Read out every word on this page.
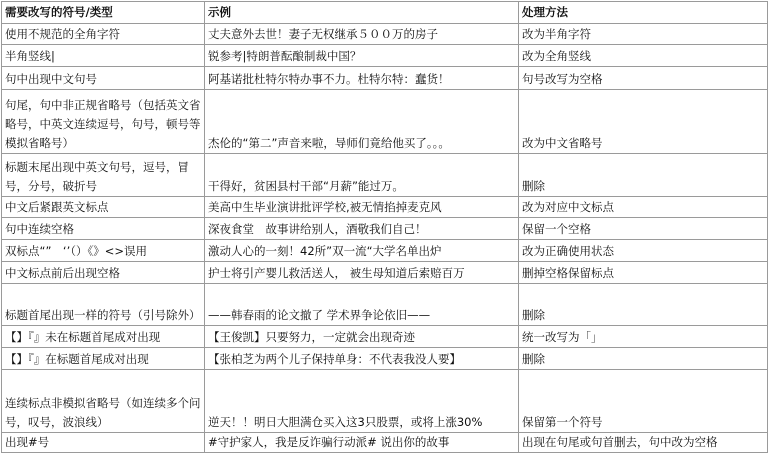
需要改写的符号/类型	示例	处理方法
使用不规范的全角字符	丈夫意外去世！妻子无权继承５００万的房子	改为半角字符
半角竖线|	锐参考|特朗普酝酿制裁中国？	改为全角竖线
句中出现中文句号	阿基诺批杜特尔特办事不力。杜特尔特：蠢货！	句号改写为空格
句尾，句中非正规省略号（包括英文省略号，中英文连续逗号，句号，顿号等模拟省略号）	杰伦的“第二”声音来啦，导师们竟给他买了。。。	改为中文省略号
标题末尾出现中英文句号，逗号，冒号，分号，破折号	干得好，贫困县村干部“月薪”能过万。	删除
中文后紧跟英文标点	美高中生毕业演讲批评学校,被无情掐掉麦克风	改为对应中文标点
句中连续空格	深夜食堂　故事讲给别人，酒敬我们自己！	保留一个空格
双标点“”　‘’（）《》<>误用	激动人心的一刻！42所”双一流“大学名单出炉	改为正确使用状态
中文标点前后出现空格	护士将引产婴儿救活送人， 被生母知道后索赔百万	删掉空格保留标点
标题首尾出现一样的符号（引号除外）	——韩春雨的论文撤了 学术界争论依旧——	删除
【】『』未在标题首尾成对出现	【王俊凯】只要努力，一定就会出现奇迹	统一改写为「」
【】『』在标题首尾成对出现	【张柏芝为两个儿子保持单身：不代表我没人要】	删除
连续标点非模拟省略号（如连续多个问号，叹号，波浪线）	逆天！！明日大胆满仓买入这3只股票，或将上涨30%	保留第一个符号
出现#号	#守护家人，我是反诈骗行动派# 说出你的故事	出现在句尾或句首删去，句中改为空格
